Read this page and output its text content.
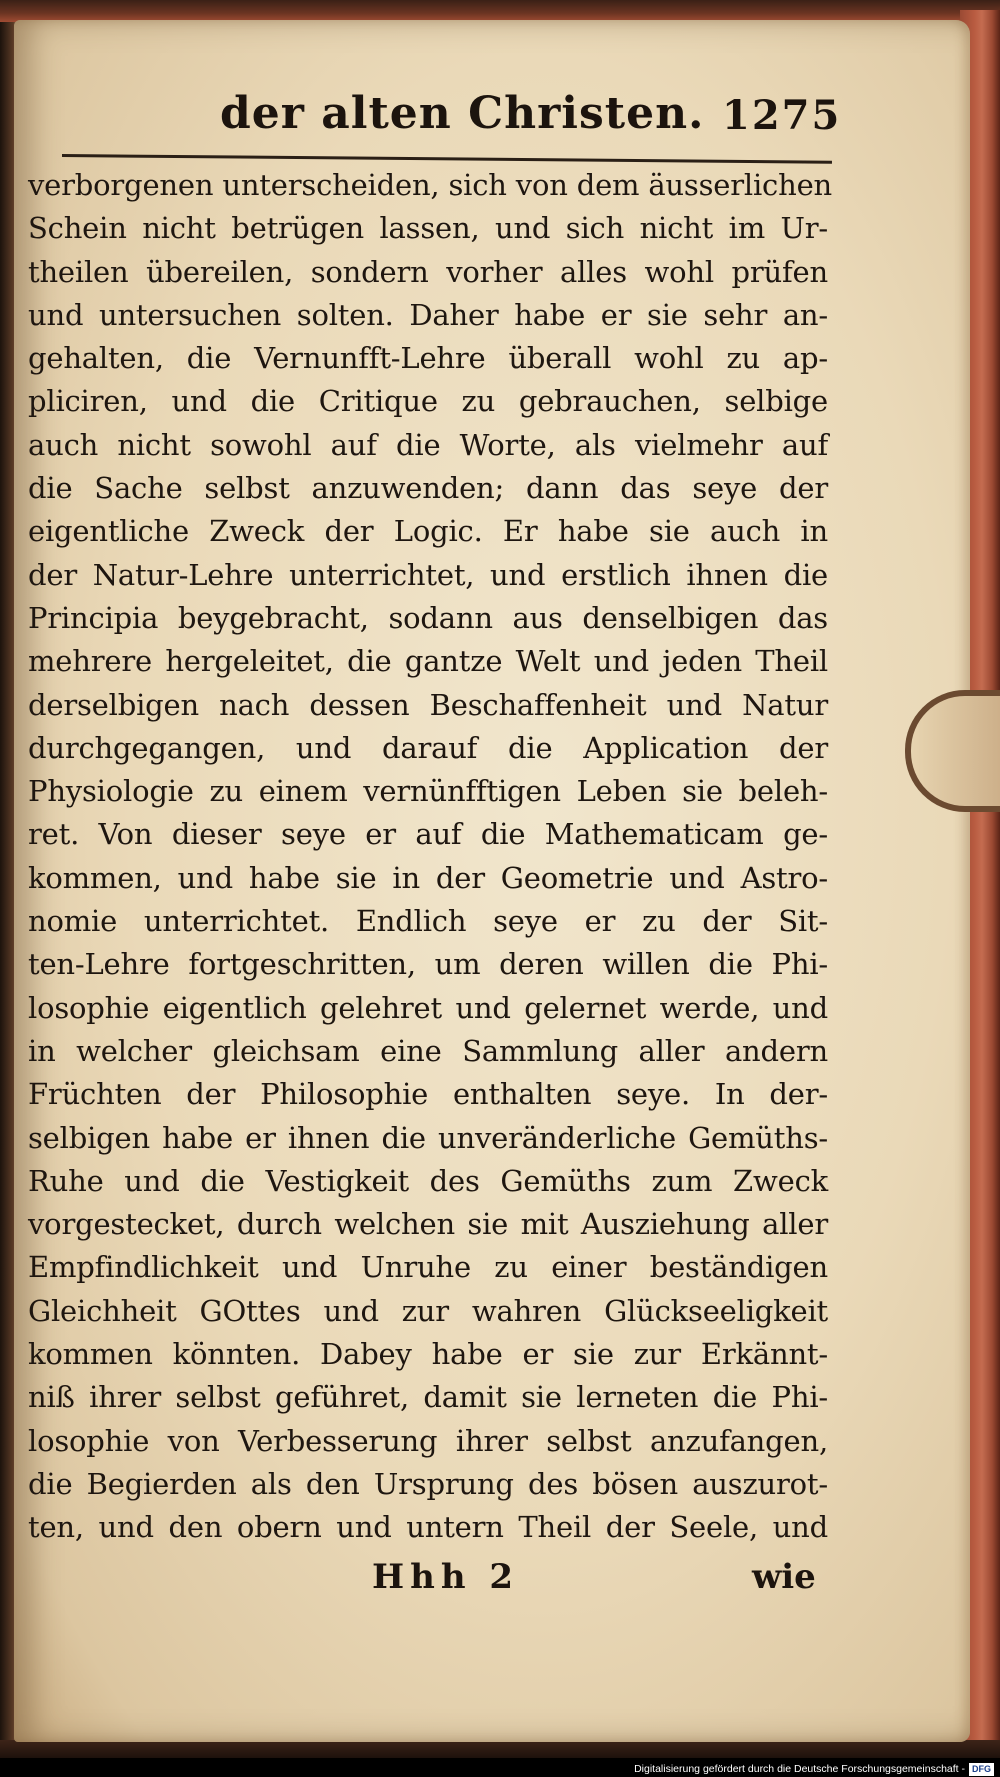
der alten Christen. 1275
verborgenen unterscheiden, sich von dem äusserlichen
Schein nicht betrügen lassen, und sich nicht im Ur-
theilen übereilen, sondern vorher alles wohl prüfen
und untersuchen solten. Daher habe er sie sehr an-
gehalten, die Vernunfft-Lehre überall wohl zu ap-
pliciren, und die Critique zu gebrauchen, selbige
auch nicht sowohl auf die Worte, als vielmehr auf
die Sache selbst anzuwenden; dann das seye der
eigentliche Zweck der Logic. Er habe sie auch in
der Natur-Lehre unterrichtet, und erstlich ihnen die
Principia beygebracht, sodann aus denselbigen das
mehrere hergeleitet, die gantze Welt und jeden Theil
derselbigen nach dessen Beschaffenheit und Natur
durchgegangen, und darauf die Application der
Physiologie zu einem vernünfftigen Leben sie beleh-
ret. Von dieser seye er auf die Mathematicam ge-
kommen, und habe sie in der Geometrie und Astro-
nomie unterrichtet. Endlich seye er zu der Sit-
ten-Lehre fortgeschritten, um deren willen die Phi-
losophie eigentlich gelehret und gelernet werde, und
in welcher gleichsam eine Sammlung aller andern
Früchten der Philosophie enthalten seye. In der-
selbigen habe er ihnen die unveränderliche Gemüths-
Ruhe und die Vestigkeit des Gemüths zum Zweck
vorgestecket, durch welchen sie mit Ausziehung aller
Empfindlichkeit und Unruhe zu einer beständigen
Gleichheit GOttes und zur wahren Glückseeligkeit
kommen könnten. Dabey habe er sie zur Erkännt-
niß ihrer selbst geführet, damit sie lerneten die Phi-
losophie von Verbesserung ihrer selbst anzufangen,
die Begierden als den Ursprung des bösen auszurot-
ten, und den obern und untern Theil der Seele, und
Hhh 2	wie
Digitalisierung gefördert durch die Deutsche Forschungsgemeinschaft - DFG
